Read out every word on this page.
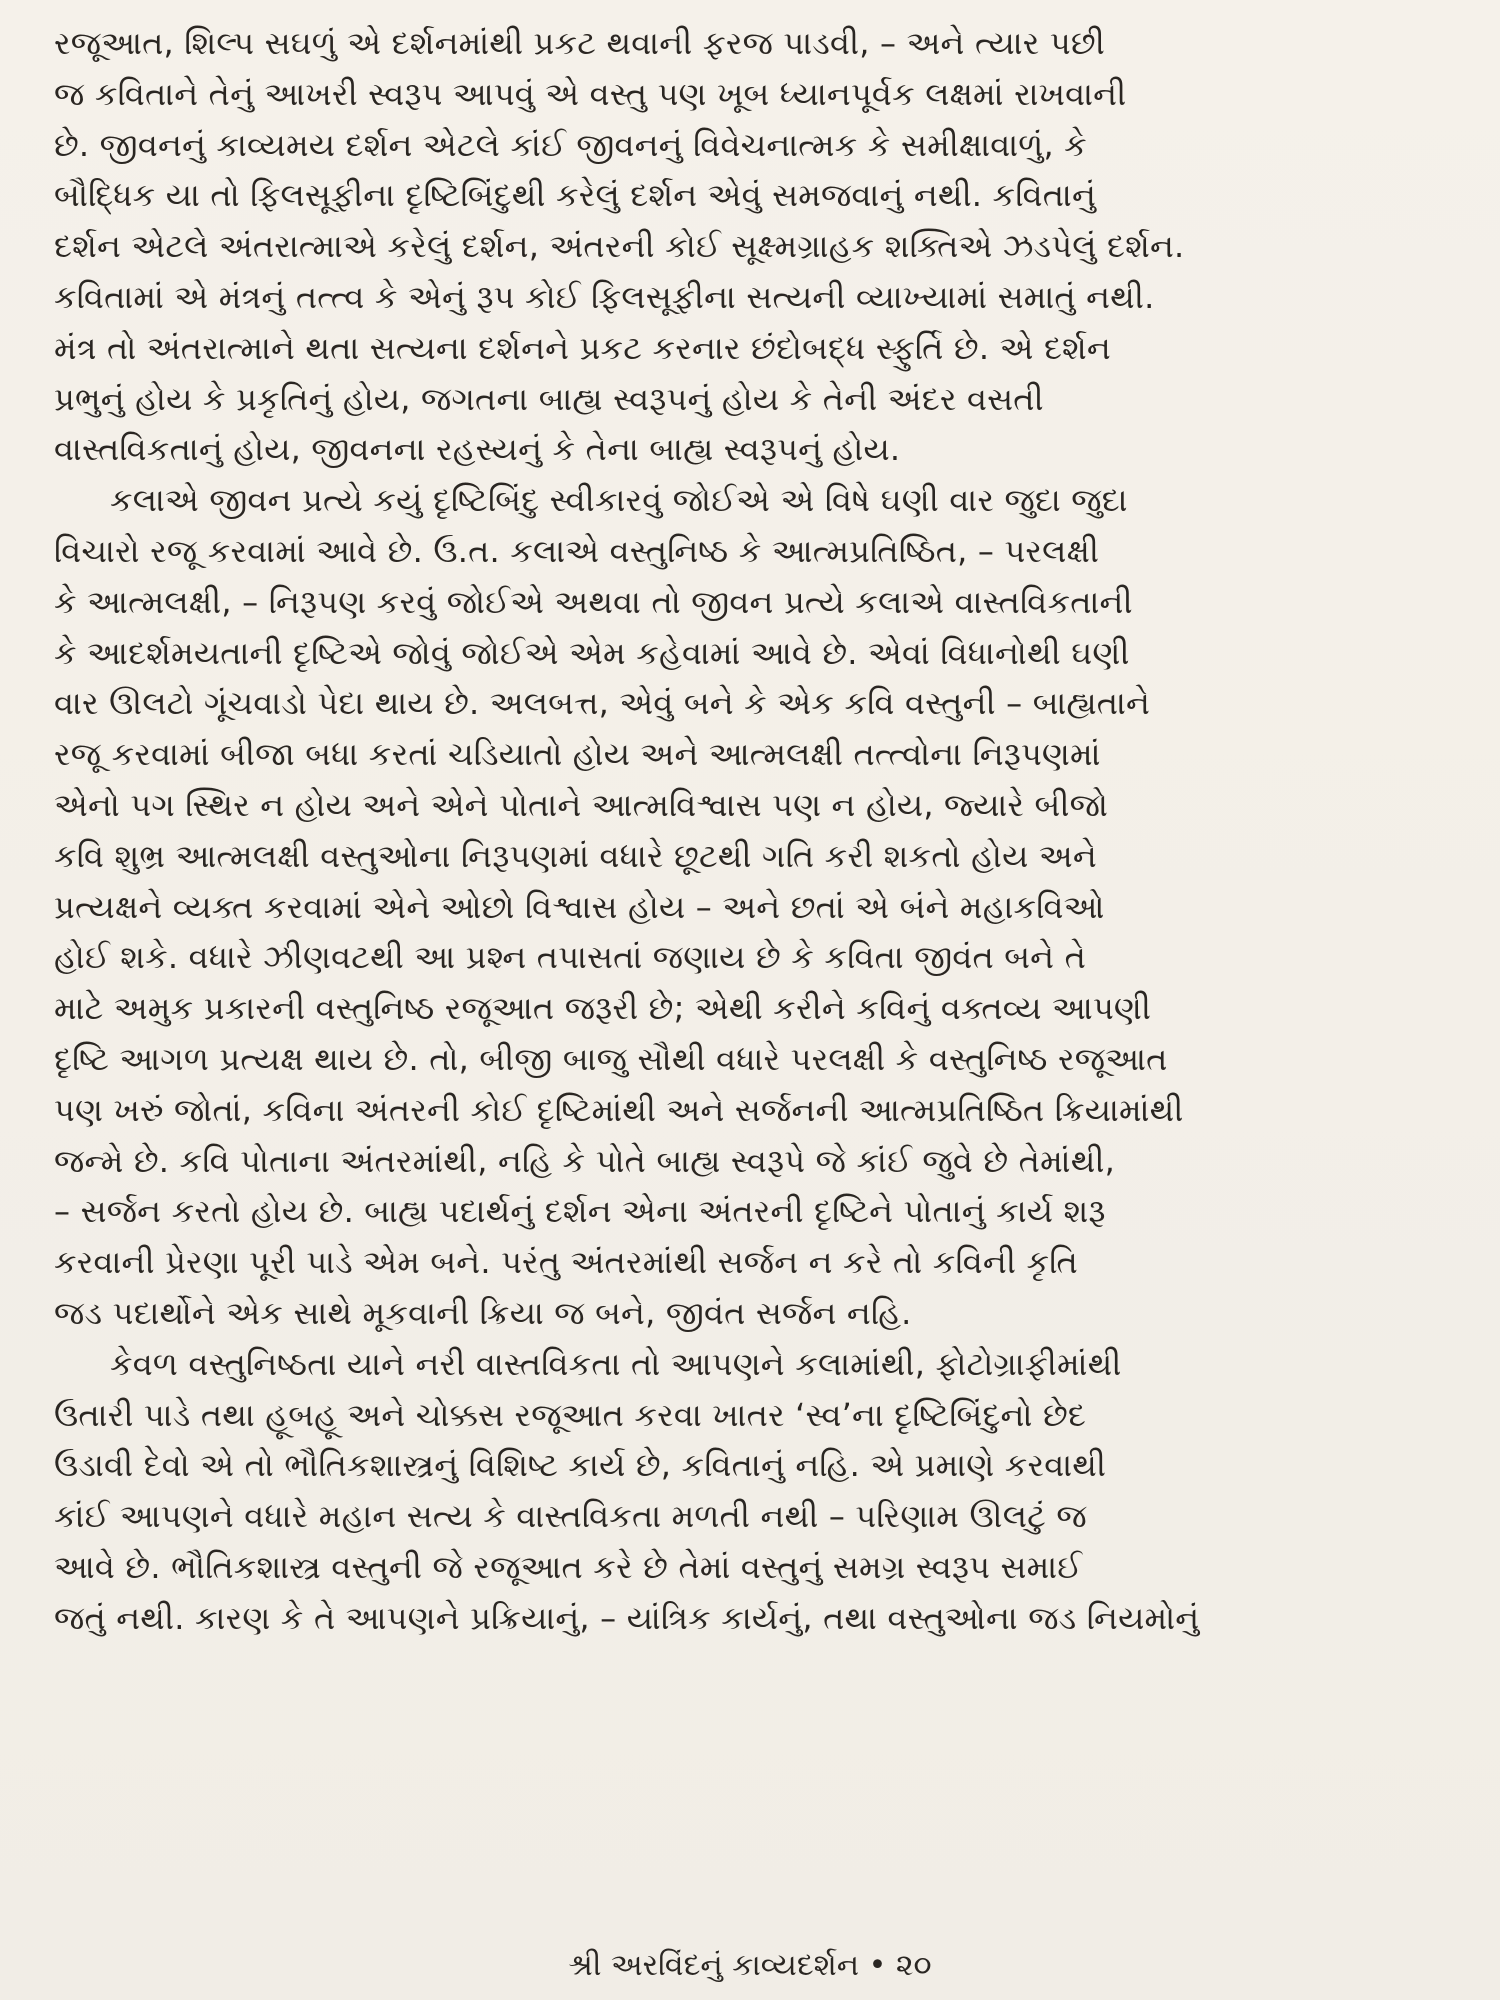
રજૂઆત, શિલ્પ સઘળું એ દર્શનમાંથી પ્રકટ થવાની ફરજ પાડવી, – અને ત્યાર પછી
જ કવિતાને તેનું આખરી સ્વરૂપ આપવું એ વસ્તુ પણ ખૂબ ધ્યાનપૂર્વક લક્ષમાં રાખવાની
છે. જીવનનું કાવ્યમય દર્શન એટલે કાંઈ જીવનનું વિવેચનાત્મક કે સમીક્ષાવાળું, કે
બૌદ્ધિક યા તો ફિલસૂફીના દૃષ્ટિબિંદુથી કરેલું દર્શન એવું સમજવાનું નથી. કવિતાનું
દર્શન એટલે અંતરાત્માએ કરેલું દર્શન, અંતરની કોઈ સૂક્ષ્મગ્રાહક શક્તિએ ઝડપેલું દર્શન.
કવિતામાં એ મંત્રનું તત્ત્વ કે એનું રૂપ કોઈ ફિલસૂફીના સત્યની વ્યાખ્યામાં સમાતું નથી.
મંત્ર તો અંતરાત્માને થતા સત્યના દર્શનને પ્રકટ કરનાર છંદોબદ્ધ સ્ફુર્તિ છે. એ દર્શન
પ્રભુનું હોય કે પ્રકૃતિનું હોય, જગતના બાહ્ય સ્વરૂપનું હોય કે તેની અંદર વસતી
વાસ્તવિકતાનું હોય, જીવનના રહસ્યનું કે તેના બાહ્ય સ્વરૂપનું હોય.
કલાએ જીવન પ્રત્યે કયું દૃષ્ટિબિંદુ સ્વીકારવું જોઈએ એ વિષે ઘણી વાર જુદા જુદા
વિચારો રજૂ કરવામાં આવે છે. ઉ.ત. કલાએ વસ્તુનિષ્ઠ કે આત્મપ્રતિષ્ઠિત, – પરલક્ષી
કે આત્મલક્ષી, – નિરૂપણ કરવું જોઈએ અથવા તો જીવન પ્રત્યે કલાએ વાસ્તવિકતાની
કે આદર્શમયતાની દૃષ્ટિએ જોવું જોઈએ એમ કહેવામાં આવે છે. એવાં વિધાનોથી ઘણી
વાર ઊલટો ગૂંચવાડો પેદા થાય છે. અલબત્ત, એવું બને કે એક કવિ વસ્તુની – બાહ્યતાને
રજૂ કરવામાં બીજા બધા કરતાં ચડિયાતો હોય અને આત્મલક્ષી તત્ત્વોના નિરૂપણમાં
એનો પગ સ્થિર ન હોય અને એને પોતાને આત્મવિશ્વાસ પણ ન હોય, જ્યારે બીજો
કવિ શુભ્ર આત્મલક્ષી વસ્તુઓના નિરૂપણમાં વધારે છૂટથી ગતિ કરી શકતો હોય અને
પ્રત્યક્ષને વ્યક્ત કરવામાં એને ઓછો વિશ્વાસ હોય – અને છતાં એ બંને મહાકવિઓ
હોઈ શકે. વધારે ઝીણવટથી આ પ્રશ્ન તપાસતાં જણાય છે કે કવિતા જીવંત બને તે
માટે અમુક પ્રકારની વસ્તુનિષ્ઠ રજૂઆત જરૂરી છે; એથી કરીને કવિનું વક્તવ્ય આપણી
દૃષ્ટિ આગળ પ્રત્યક્ષ થાય છે. તો, બીજી બાજુ સૌથી વધારે પરલક્ષી કે વસ્તુનિષ્ઠ રજૂઆત
પણ ખરું જોતાં, કવિના અંતરની કોઈ દૃષ્ટિમાંથી અને સર્જનની આત્મપ્રતિષ્ઠિત ક્રિયામાંથી
જન્મે છે. કવિ પોતાના અંતરમાંથી, નહિ કે પોતે બાહ્ય સ્વરૂપે જે કાંઈ જુવે છે તેમાંથી,
– સર્જન કરતો હોય છે. બાહ્ય પદાર્થનું દર્શન એના અંતરની દૃષ્ટિને પોતાનું કાર્ય શરૂ
કરવાની પ્રેરણા પૂરી પાડે એમ બને. પરંતુ અંતરમાંથી સર્જન ન કરે તો કવિની કૃતિ
જડ પદાર્થોને એક સાથે મૂકવાની ક્રિયા જ બને, જીવંત સર્જન નહિ.
કેવળ વસ્તુનિષ્ઠતા યાને નરી વાસ્તવિકતા તો આપણને કલામાંથી, ફોટોગ્રાફીમાંથી
ઉતારી પાડે તથા હૂબહૂ અને ચોક્કસ રજૂઆત કરવા ખાતર ‘સ્વ’ના દૃષ્ટિબિંદુનો છેદ
ઉડાવી દેવો એ તો ભૌતિકશાસ્ત્રનું વિશિષ્ટ કાર્ય છે, કવિતાનું નહિ. એ પ્રમાણે કરવાથી
કાંઈ આપણને વધારે મહાન સત્ય કે વાસ્તવિકતા મળતી નથી – પરિણામ ઊલટું જ
આવે છે. ભૌતિકશાસ્ત્ર વસ્તુની જે રજૂઆત કરે છે તેમાં વસ્તુનું સમગ્ર સ્વરૂપ સમાઈ
જતું નથી. કારણ કે તે આપણને પ્રક્રિયાનું, – યાંત્રિક કાર્યનું, તથા વસ્તુઓના જડ નિયમોનું
શ્રી અરવિંદનું કાવ્યદર્શન • ૨૦
